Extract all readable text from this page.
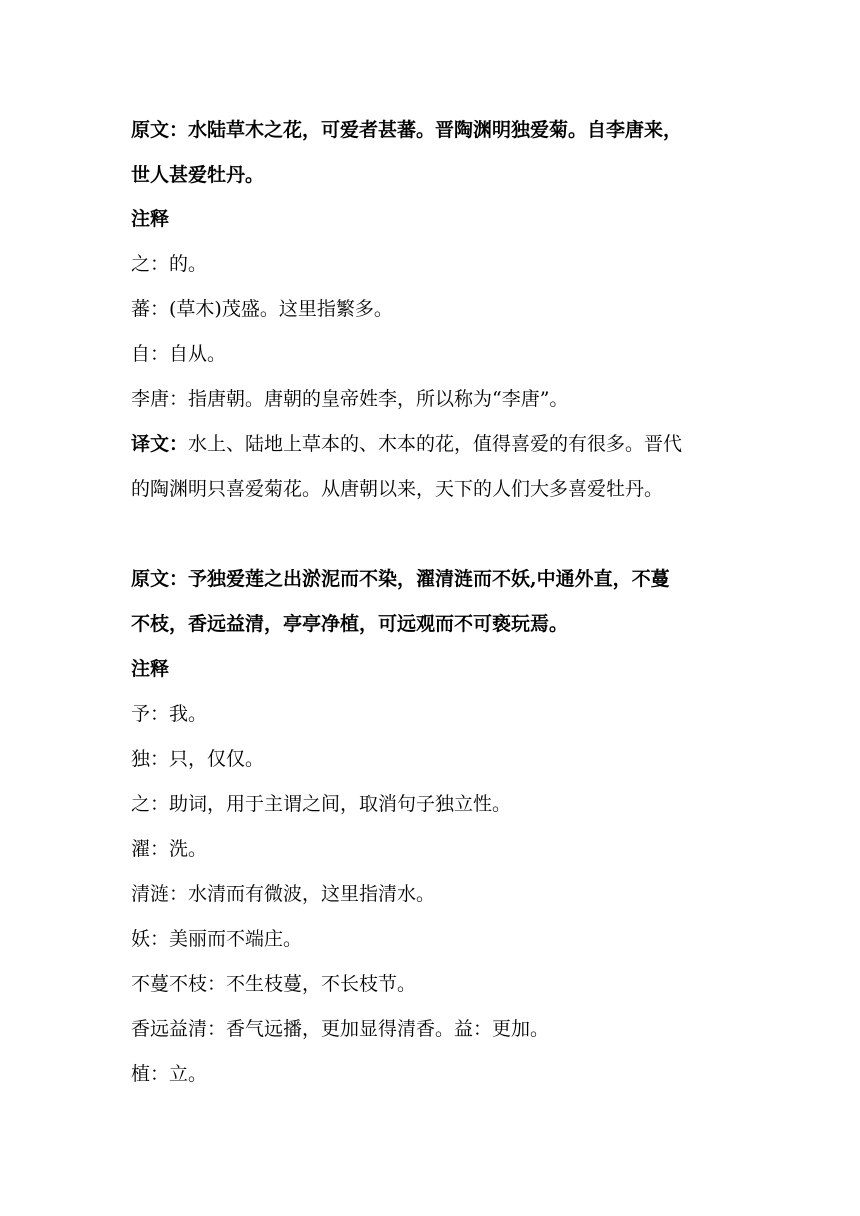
原文：水陆草木之花，可爱者甚蕃。晋陶渊明独爱菊。自李唐来，
世人甚爱牡丹。
注释
之：的。
蕃：(草木)茂盛。这里指繁多。
自：自从。
李唐：指唐朝。唐朝的皇帝姓李，所以称为“李唐”。
译文：水上、陆地上草本的、木本的花，值得喜爱的有很多。晋代
的陶渊明只喜爱菊花。从唐朝以来，天下的人们大多喜爱牡丹。
原文：予独爱莲之出淤泥而不染，濯清涟而不妖,中通外直，不蔓
不枝，香远益清，亭亭净植，可远观而不可亵玩焉。
注释
予：我。
独：只，仅仅。
之：助词，用于主谓之间，取消句子独立性。
濯：洗。
清涟：水清而有微波，这里指清水。
妖：美丽而不端庄。
不蔓不枝：不生枝蔓，不长枝节。
香远益清：香气远播，更加显得清香。益：更加。
植：立。
